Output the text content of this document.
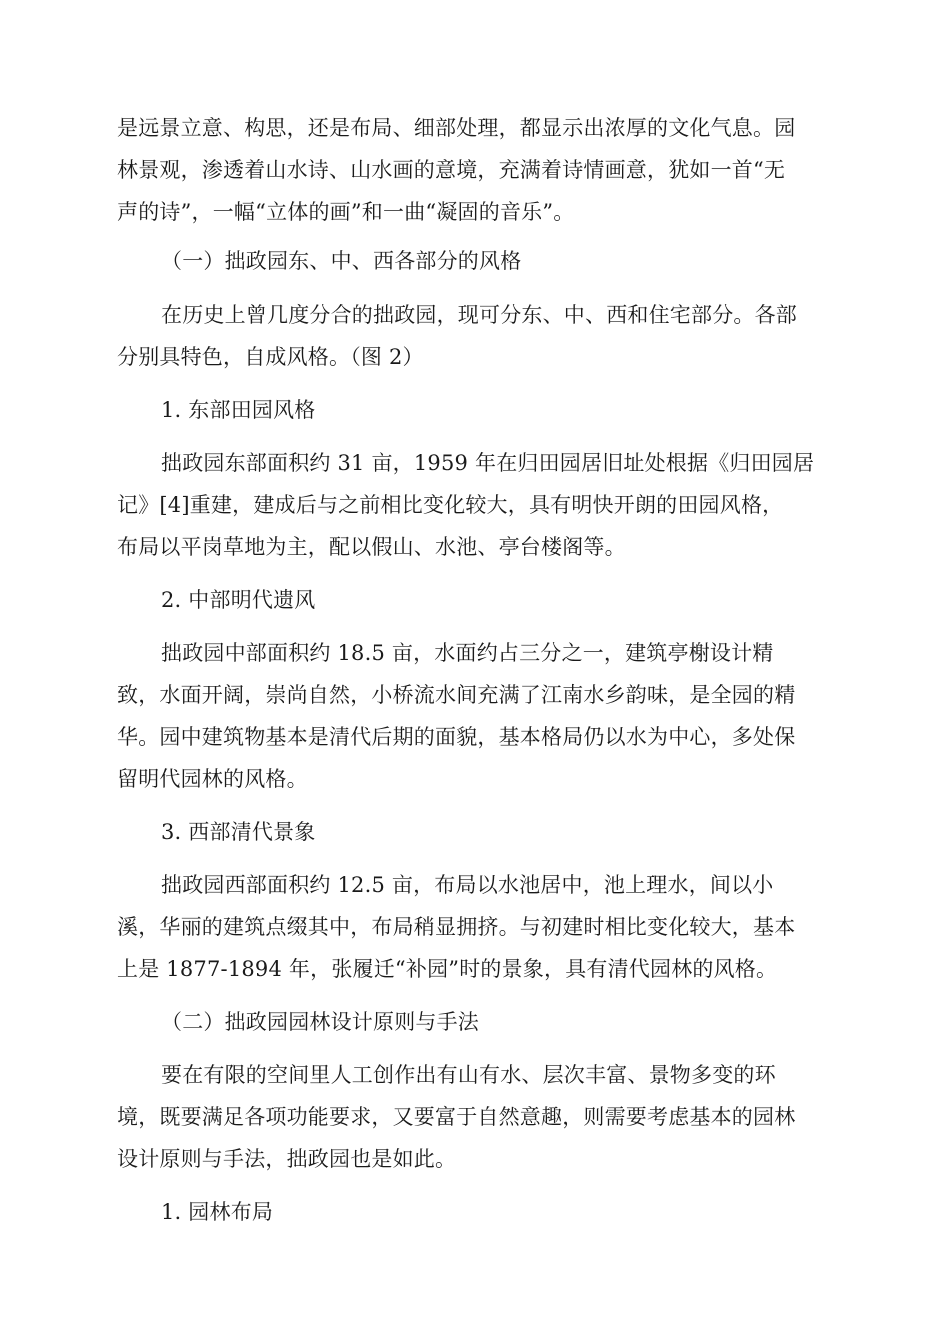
是远景立意、构思，还是布局、细部处理，都显示出浓厚的文化气息。园
林景观，渗透着山水诗、山水画的意境，充满着诗情画意，犹如一首“无
声的诗”，一幅“立体的画”和一曲“凝固的音乐”。
（一）拙政园东、中、西各部分的风格
在历史上曾几度分合的拙政园，现可分东、中、西和住宅部分。各部
分别具特色，自成风格。（图 2）
1. 东部田园风格
拙政园东部面积约 31 亩，1959 年在归田园居旧址处根据《归田园居
记》[4]重建，建成后与之前相比变化较大，具有明快开朗的田园风格，
布局以平岗草地为主，配以假山、水池、亭台楼阁等。
2. 中部明代遗风
拙政园中部面积约 18.5 亩，水面约占三分之一，建筑亭榭设计精
致，水面开阔，崇尚自然，小桥流水间充满了江南水乡韵味，是全园的精
华。园中建筑物基本是清代后期的面貌，基本格局仍以水为中心，多处保
留明代园林的风格。
3. 西部清代景象
拙政园西部面积约 12.5 亩，布局以水池居中，池上理水，间以小
溪，华丽的建筑点缀其中，布局稍显拥挤。与初建时相比变化较大，基本
上是 1877-1894 年，张履迁“补园”时的景象，具有清代园林的风格。
（二）拙政园园林设计原则与手法
要在有限的空间里人工创作出有山有水、层次丰富、景物多变的环
境，既要满足各项功能要求，又要富于自然意趣，则需要考虑基本的园林
设计原则与手法，拙政园也是如此。
1. 园林布局
